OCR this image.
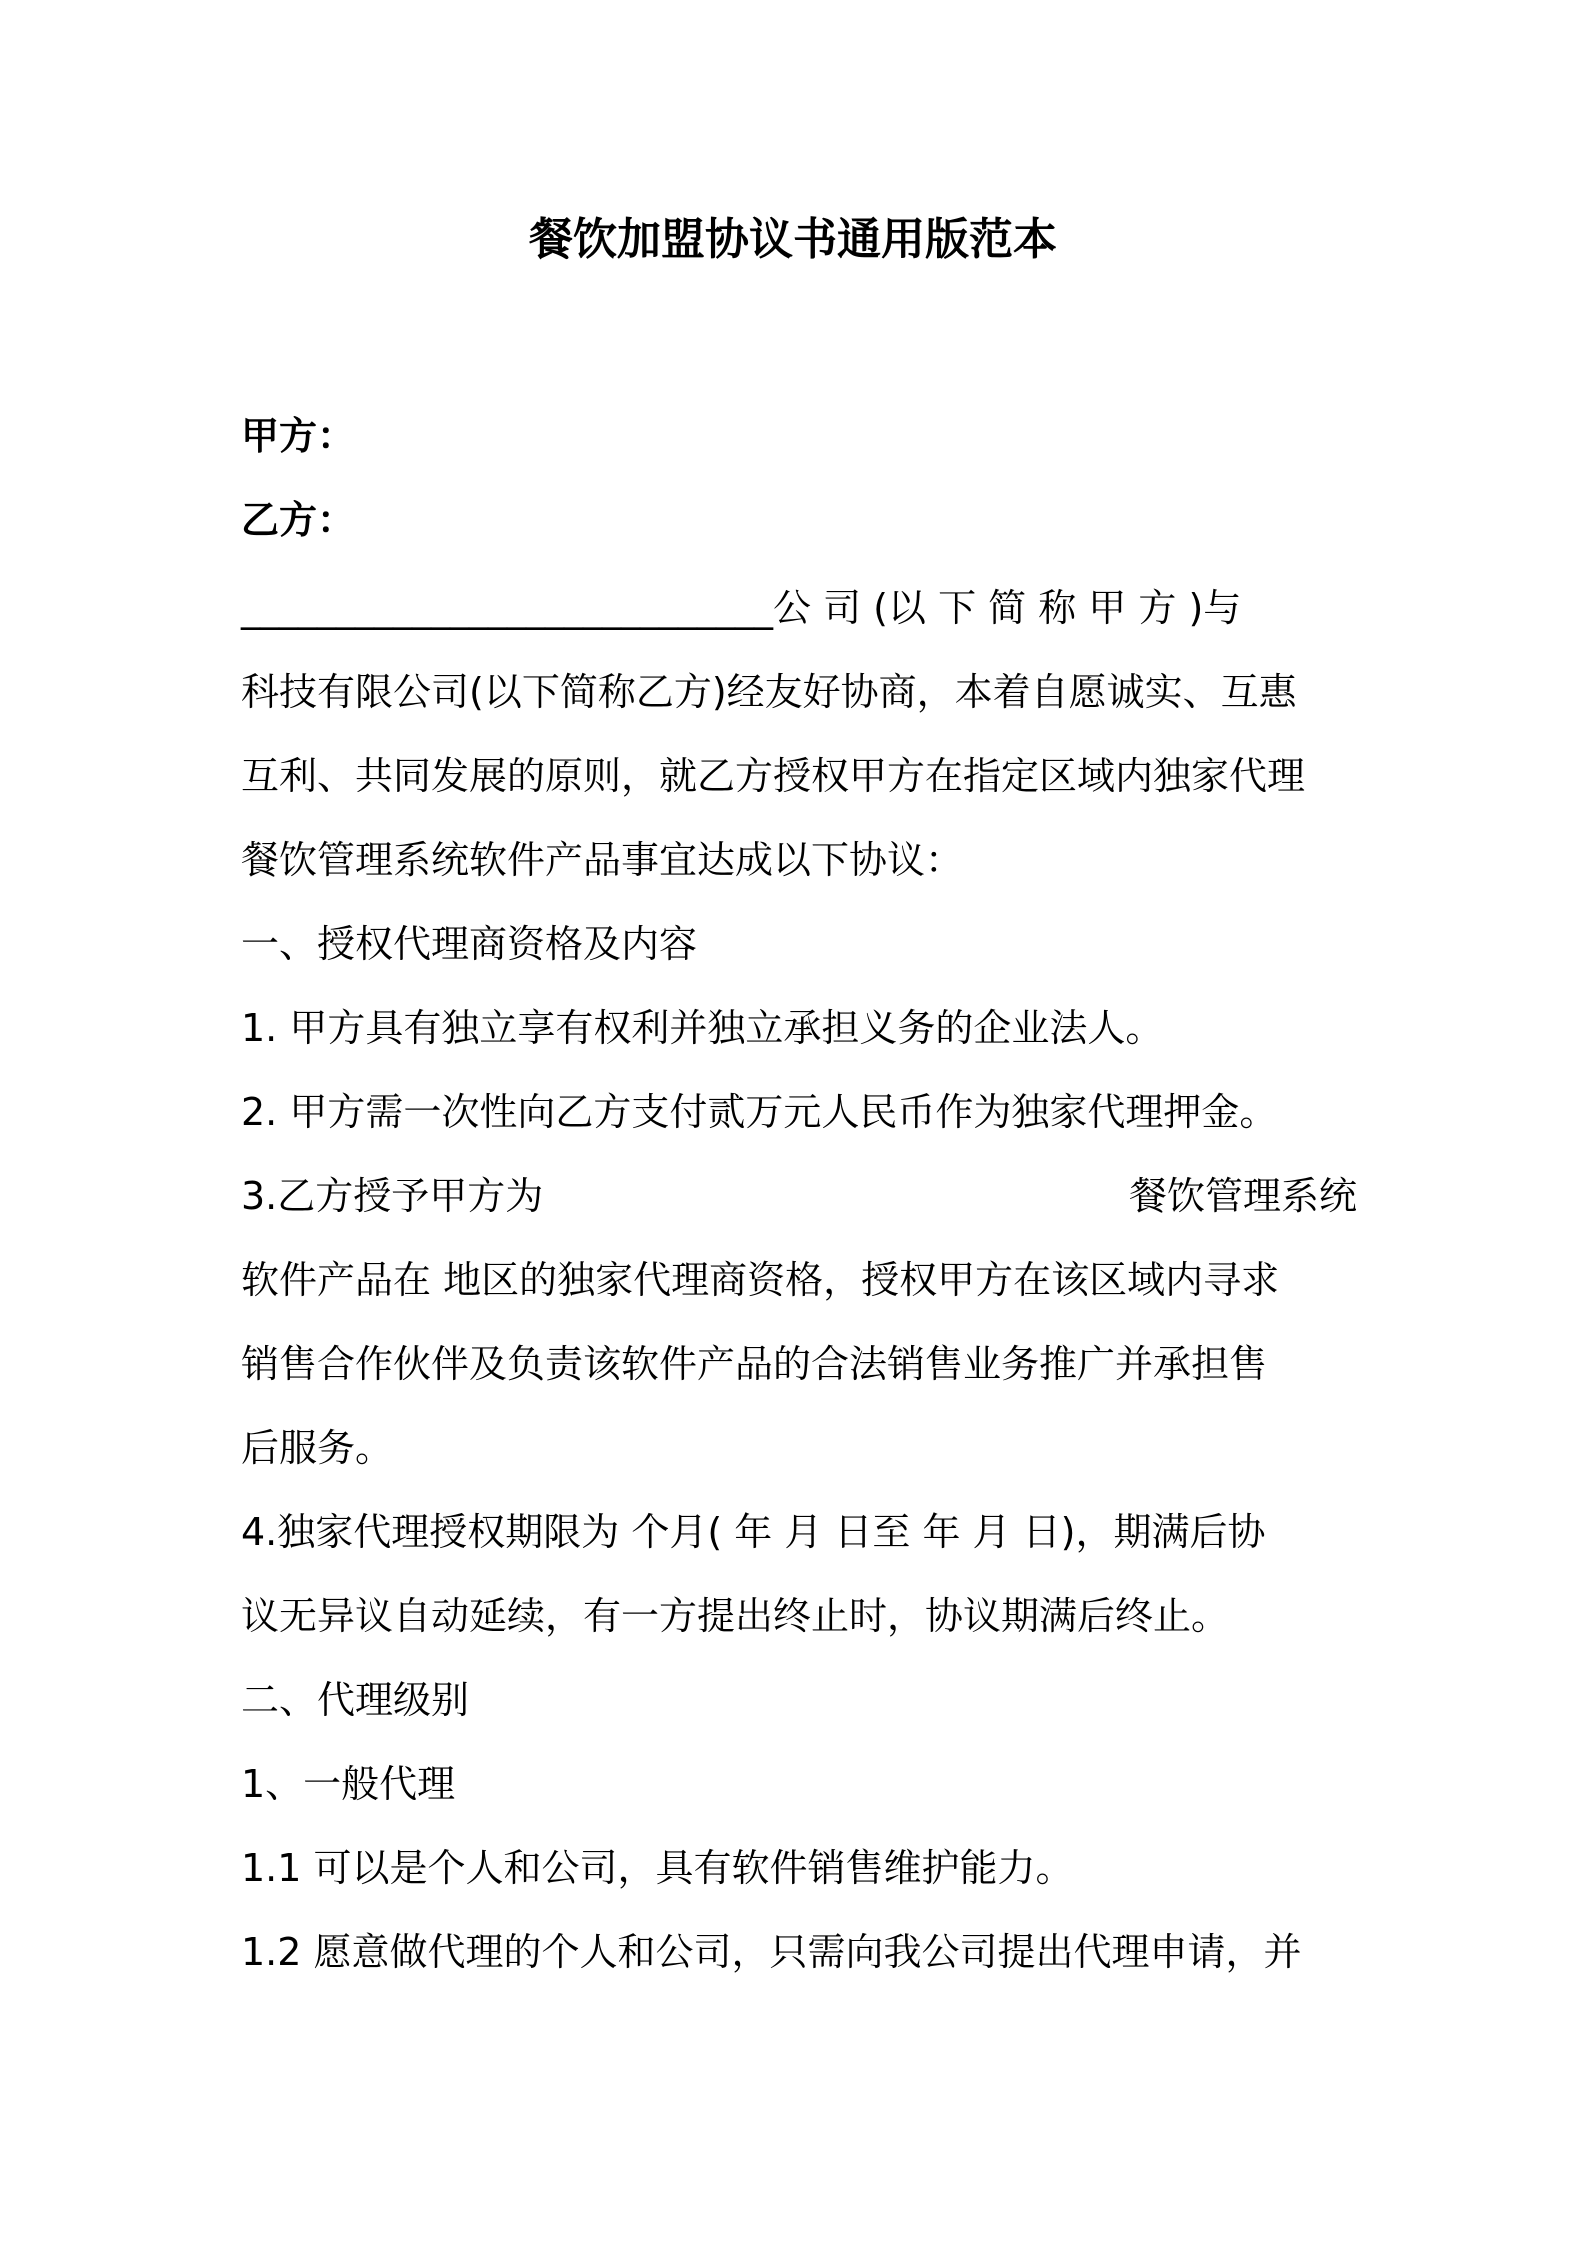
餐饮加盟协议书通用版范本
甲方：
乙方：
____________________________公 司 (以 下 简 称 甲 方 )与
科技有限公司(以下简称乙方)经友好协商，本着自愿诚实、互惠
互利、共同发展的原则，就乙方授权甲方在指定区域内独家代理
餐饮管理系统软件产品事宜达成以下协议：
一、授权代理商资格及内容
1. 甲方具有独立享有权利并独立承担义务的企业法人。
2. 甲方需一次性向乙方支付贰万元人民币作为独家代理押金。
3.乙方授予甲方为	餐饮管理系统
软件产品在 地区的独家代理商资格，授权甲方在该区域内寻求
销售合作伙伴及负责该软件产品的合法销售业务推广并承担售
后服务。
4.独家代理授权期限为 个月( 年 月 日至 年 月 日)，期满后协
议无异议自动延续，有一方提出终止时，协议期满后终止。
二、代理级别
1、一般代理
1.1 可以是个人和公司，具有软件销售维护能力。
1.2 愿意做代理的个人和公司，只需向我公司提出代理申请，并
